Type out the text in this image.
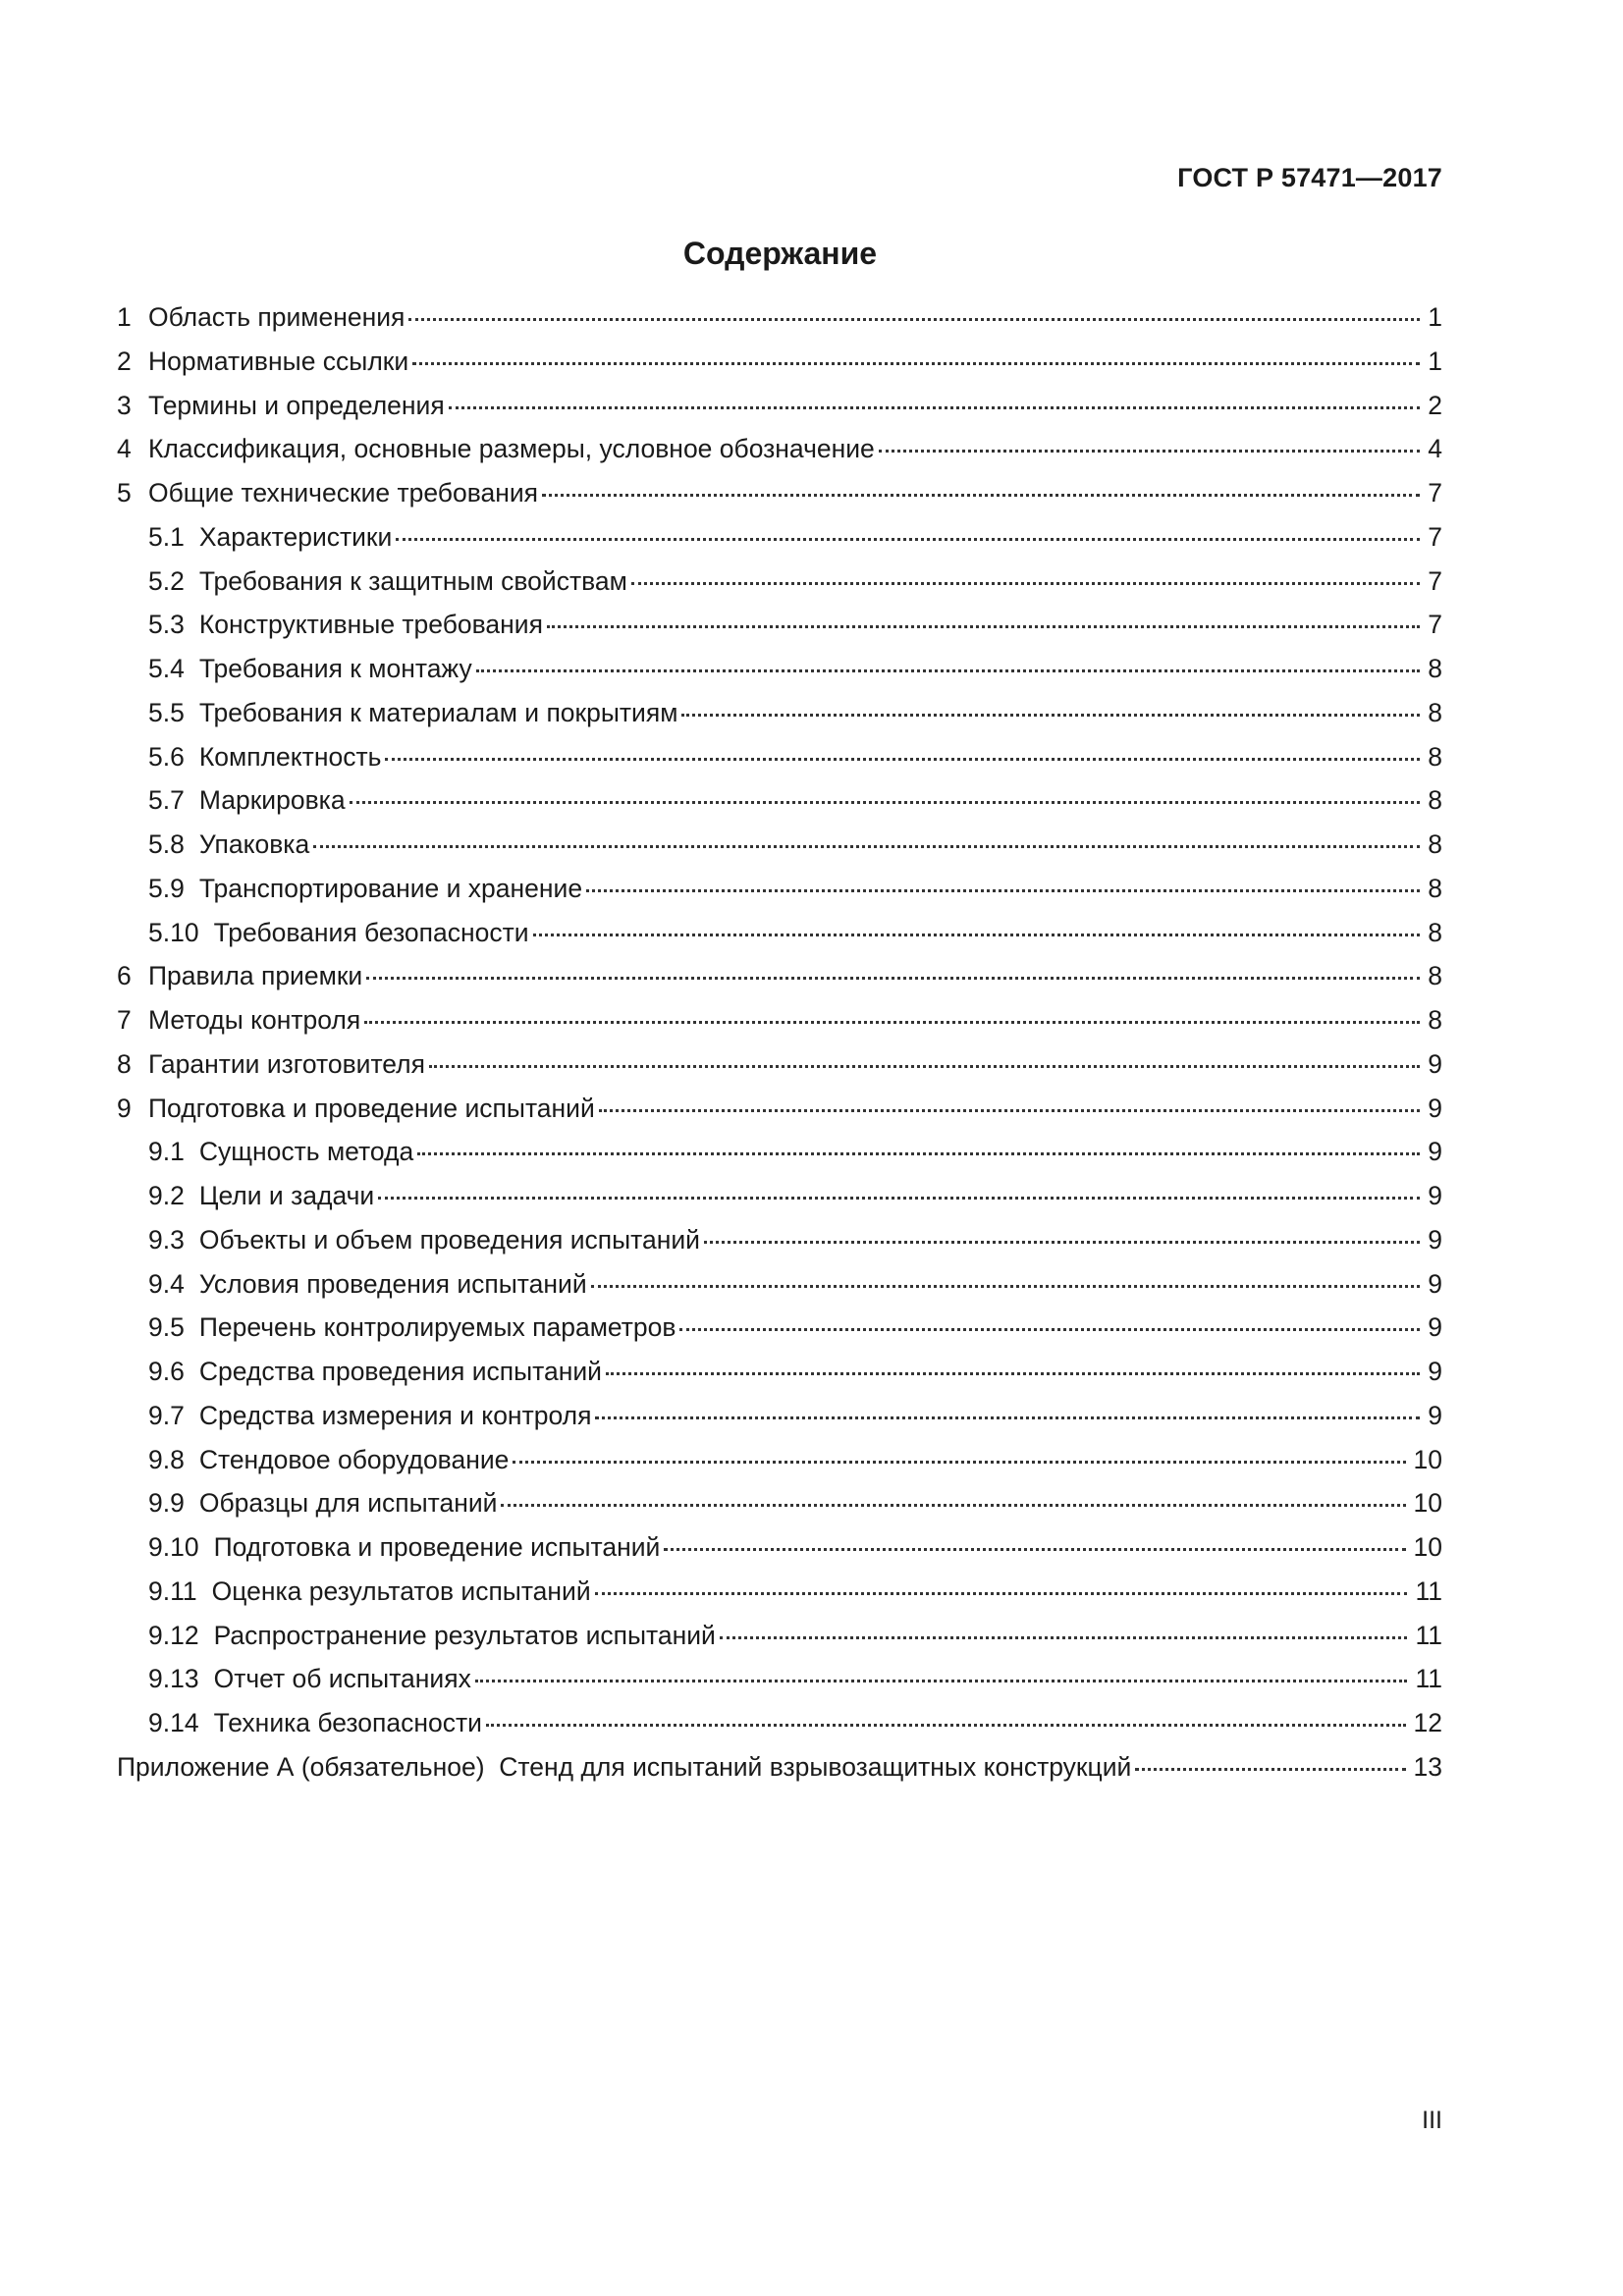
ГОСТ Р 57471—2017
Содержание
1 Область применения	1
2 Нормативные ссылки	1
3 Термины и определения	2
4 Классификация, основные размеры, условное обозначение	4
5 Общие технические требования	7
5.1 Характеристики	7
5.2 Требования к защитным свойствам	7
5.3 Конструктивные требования	7
5.4 Требования к монтажу	8
5.5 Требования к материалам и покрытиям	8
5.6 Комплектность	8
5.7 Маркировка	8
5.8 Упаковка	8
5.9 Транспортирование и хранение	8
5.10 Требования безопасности	8
6 Правила приемки	8
7 Методы контроля	8
8 Гарантии изготовителя	9
9 Подготовка и проведение испытаний	9
9.1 Сущность метода	9
9.2 Цели и задачи	9
9.3 Объекты и объем проведения испытаний	9
9.4 Условия проведения испытаний	9
9.5 Перечень контролируемых параметров	9
9.6 Средства проведения испытаний	9
9.7 Средства измерения и контроля	9
9.8 Стендовое оборудование	10
9.9 Образцы для испытаний	10
9.10 Подготовка и проведение испытаний	10
9.11 Оценка результатов испытаний	11
9.12 Распространение результатов испытаний	11
9.13 Отчет об испытаниях	11
9.14 Техника безопасности	12
Приложение А (обязательное)  Стенд для испытаний взрывозащитных конструкций	13
III
